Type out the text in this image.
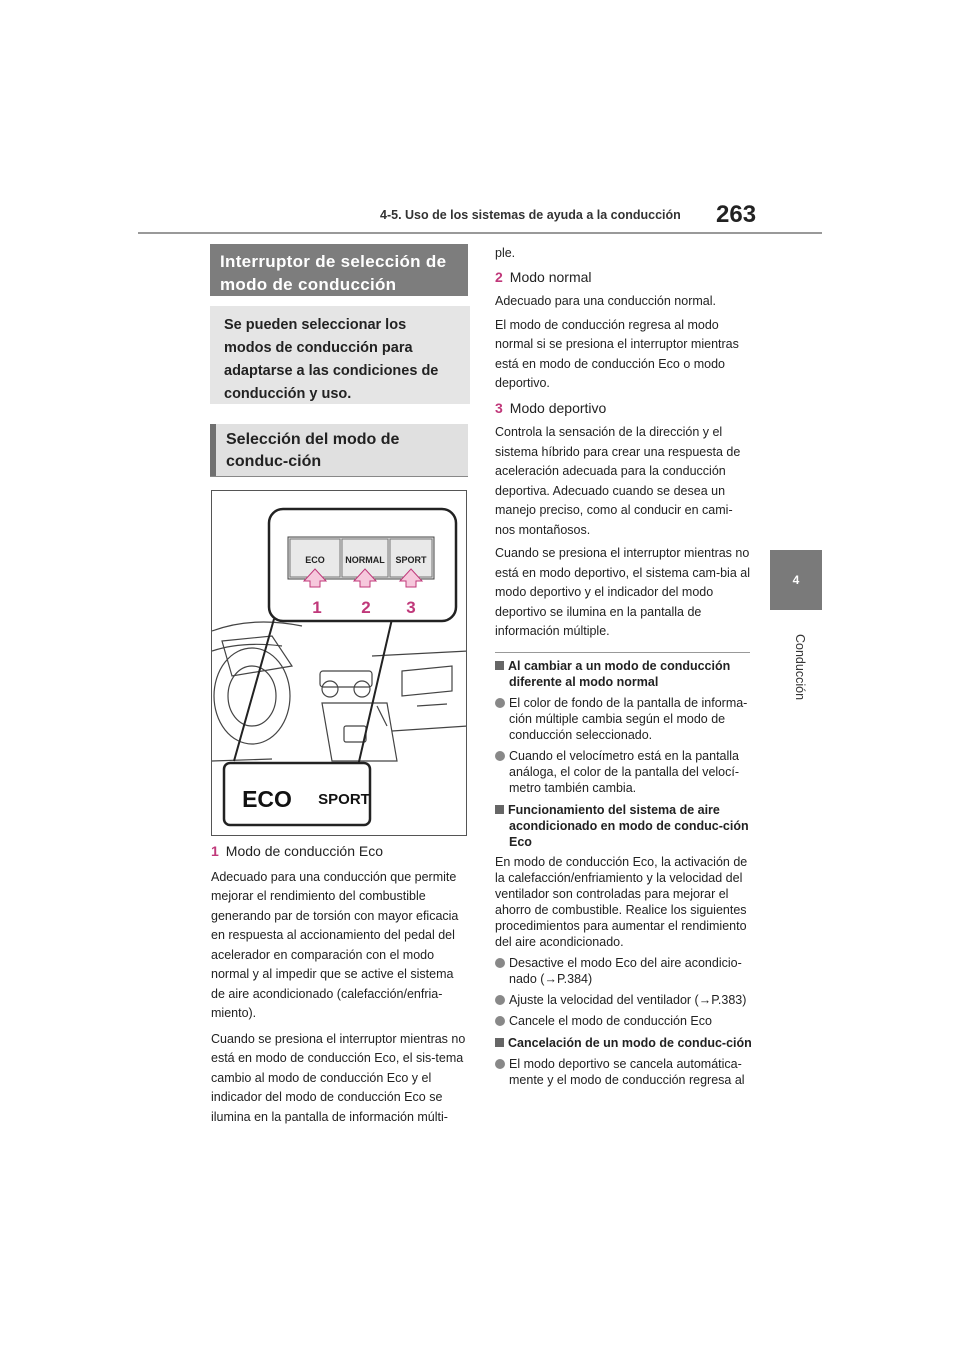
4-5. Uso de los sistemas de ayuda a la conducción 263
4
Conducción
Interruptor de selección de modo de conducción
Se pueden seleccionar los modos de conducción para adaptarse a las condiciones de conducción y uso.
Selección del modo de conduc-ción
ECO NORMAL SPORT
1 2 3
ECO SPORT
1 Modo de conducción Eco
Adecuado para una conducción que permite mejorar el rendimiento del combustible generando par de torsión con mayor eficacia en respuesta al accionamiento del pedal del acelerador en comparación con el modo normal y al impedir que se active el sistema de aire acondicionado (calefacción/enfria-miento).
Cuando se presiona el interruptor mientras no está en modo de conducción Eco, el sis-tema cambio al modo de conducción Eco y el indicador del modo de conducción Eco se ilumina en la pantalla de información múlti-
ple.
2 Modo normal
Adecuado para una conducción normal.
El modo de conducción regresa al modo normal si se presiona el interruptor mientras está en modo de conducción Eco o modo deportivo.
3 Modo deportivo
Controla la sensación de la dirección y el sistema híbrido para crear una respuesta de aceleración adecuada para la conducción deportiva. Adecuado cuando se desea un manejo preciso, como al conducir en cami-nos montañosos.
Cuando se presiona el interruptor mientras no está en modo deportivo, el sistema cam-bia al modo deportivo y el indicador del modo deportivo se ilumina en la pantalla de información múltiple.
Al cambiar a un modo de conducción diferente al modo normal
El color de fondo de la pantalla de informa-ción múltiple cambia según el modo de conducción seleccionado.
Cuando el velocímetro está en la pantalla análoga, el color de la pantalla del velocí-metro también cambia.
Funcionamiento del sistema de aire acondicionado en modo de conduc-ción Eco
En modo de conducción Eco, la activación de la calefacción/enfriamiento y la velocidad del ventilador son controladas para mejorar el ahorro de combustible. Realice los siguientes procedimientos para aumentar el rendimiento del aire acondicionado.
Desactive el modo Eco del aire acondicio-nado (→P.384)
Ajuste la velocidad del ventilador (→P.383)
Cancele el modo de conducción Eco
Cancelación de un modo de conduc-ción
El modo deportivo se cancela automática-mente y el modo de conducción regresa al
